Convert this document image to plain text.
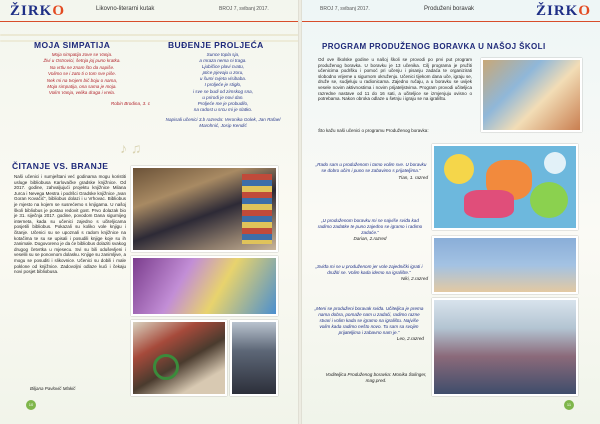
ŽIRKO	Likovno-literarni kutak	BROJ 7, svibanj 2017.
MOJA SIMPATIJA
Moja simpatija zove se Vanja.
Živi u Ostrovici, šetnja joj puno kratka.
Na vrtlu ne znam što da napiše.
Volimo se i zato ti o tom sve piše.
Nek mi na tvojem bić boju o nama,
Moja simpatija, ona sama je moja.
Volim Vanja, velika draga i vrela.
Robin Brodina, 3. c
BUĐENJE PROLJEĆA
Sunce topla sja,
a mraza nema ni traga.
Ljubičice plavi cvatu,
ptice pjevaju u zoru,
u šumi cvjeta visibaba.
I proljeće je stiglo,
i sve se budi od zimskog sna,
u prirodi je novi dan.
Proljeće me je probudilo,
na radost u srcu mi je slatko.
Napisali učenici 3.b razreda: Veronika Golek, Jan Rafael Marohnić, Josip Kendić
♪ ♫
ČITANJE VS. BRANJE
Naši učenici i sumještani već godinama mogu koristiti usluge bibliobusa Karlovačke gradske knjižnice. Od 2017. godine, zahvaljujući projektu knjižnice Milana Jurca i Nevega Mestra i podršci Gradske knjižnice „Ivan Goran Kovačić“, bibliobus dolazi i u Vrhovac. Bibliobus je mjesto na kojem se susrećemo s knjigama. U našoj školi bibliobus je postao redovit gost. Prvo dolazak bio je 31. siječnja 2017. godine, povodom Dana sigurnijeg interneta, kada su učenici zajedno s učiteljicama posjetili bibliobus. Pokazali su koliko vole knjigu i čitanje. Učenici su se upoznali s radom knjižnice na kotačima te su se upisali i posudili knjige koje su ih zanimale. Dogovoreno je da će bibliobus dolaziti svakog drugog četvrtka u mjesecu. Svi su bili oduševljeni i veselili su se ponovnom dolasku. Knjige su zanimljive, a mogu se posuditi i slikovnice. Učenici su dobili i male poklone od knjižnice. Zadovoljni odlaze kući i čekaju novi posjet bibliobusa.
Biljana Pavlović Mlakić
10
BROJ 7, svibanj 2017.	Produženi boravak	ŽIRKO
PROGRAM PRODUŽENOG BORAVKA U NAŠOJ ŠKOLI
Od ove školske godine u našoj školi se provodi po prvi put program produženog boravka. U boravku je 13 učenika. Cilj programa je pružiti učenicima podršku i pomoć pri učenju i pisanju zadaća te organizirati slobodno vrijeme u sigurnom okruženju. Učenici tijekom dana uče, igraju se, druže se, sudjeluju u radionicama. Zajedno ručaju, a u boravku se uvijek vesele novim aktivnostima i novim prijateljstvima. Program provodi učiteljica razredne nastave od 11 do 16 sati, a učiteljice se izmjenjuju ovisno o potrebama. Nakon obroka odlaze u šetnju i igraju se na igralištu.
Što kažu naši učenici o programu Produženog boravka:
„Rado sam u produženom i tamo volim sve. U boravku se dobro učim i puno se zabavimo s prijateljima.“
Tian, 1. razred
„U produženom boravku mi se najviše sviđa kad radimo zadatke te puno zajedno se igramo i radimo zadaće.“
Darian, 2.razred
„Sviđa mi se u produženom jer vole zajednički igrati i družiti se. Volim kada idemo na igralište.“
Niki, 2.razred
„Meni se produženi boravak sviđa. Učiteljica je prema nama dobra, pomaže nam u zadaći, radimo razne stvari i volim kada se igramo na igralištu. Najviše volim kada radimo nešto novo. Tu sam sa svojim prijateljima i zabavno nam je.“
Leo, 2.razred
Voditeljica Produženog boravka: Monika Šolinger, mag.pred.
11
